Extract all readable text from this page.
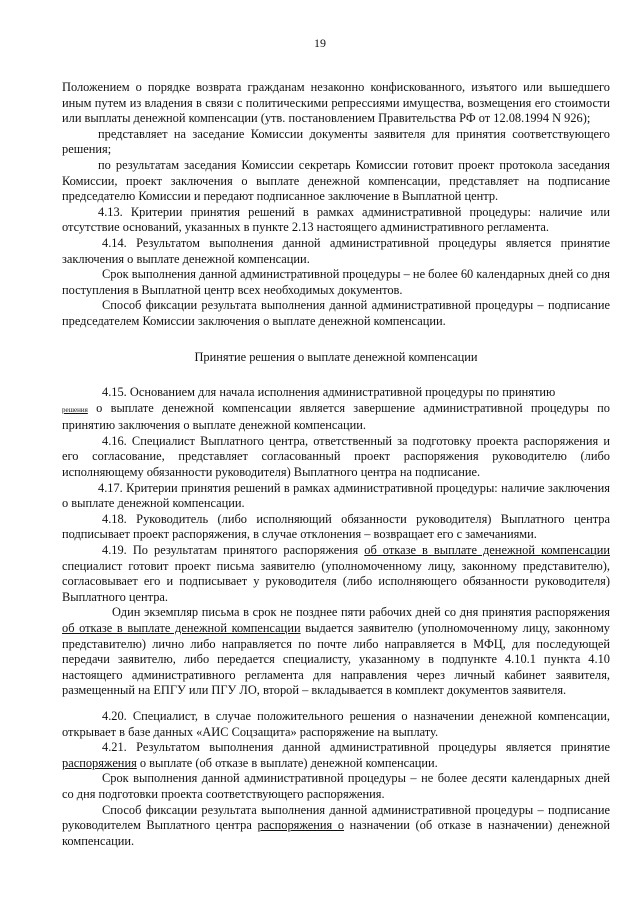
19

Положением о порядке возврата гражданам незаконно конфискованного, изъятого или вышедшего иным путем из владения в связи с политическими репрессиями имущества, возмещения его стоимости или выплаты денежной компенсации (утв. постановлением Правительства РФ от 12.08.1994 N 926);

представляет на заседание Комиссии документы заявителя для принятия соответствующего решения;

по результатам заседания Комиссии секретарь Комиссии готовит проект протокола заседания Комиссии, проект заключения о выплате денежной компенсации, представляет на подписание председателю Комиссии и передают подписанное заключение в Выплатной центр.

4.13. Критерии принятия решений в рамках административной процедуры: наличие или отсутствие оснований, указанных в пункте 2.13 настоящего административного регламента.

4.14. Результатом выполнения данной административной процедуры является принятие заключения о выплате денежной компенсации.

Срок выполнения данной административной процедуры – не более 60 календарных дней со дня поступления в Выплатной центр всех необходимых документов.

Способ фиксации результата выполнения данной административной процедуры – подписание председателем Комиссии заключения о выплате денежной компенсации.

Принятие решения о выплате денежной компенсации

4.15. Основанием для начала исполнения административной процедуры по принятию
решения о выплате денежной компенсации является завершение административной процедуры по принятию заключения о выплате денежной компенсации.

4.16. Специалист Выплатного центра, ответственный за подготовку проекта распоряжения и его согласование, представляет согласованный проект распоряжения руководителю (либо исполняющему обязанности руководителя) Выплатного центра на подписание.

4.17. Критерии принятия решений в рамках административной процедуры: наличие заключения о выплате денежной компенсации.

4.18. Руководитель (либо исполняющий обязанности руководителя) Выплатного центра подписывает проект распоряжения, в случае отклонения – возвращает его с замечаниями.

4.19. По результатам принятого распоряжения об отказе в выплате денежной компенсации специалист готовит проект письма заявителю (уполномоченному лицу, законному представителю), согласовывает его и подписывает у руководителя (либо исполняющего обязанности руководителя) Выплатного центра.

Один экземпляр письма в срок не позднее пяти рабочих дней со дня принятия распоряжения об отказе в выплате денежной компенсации выдается заявителю (уполномоченному лицу, законному представителю) лично либо направляется по почте либо направляется в МФЦ, для последующей передачи заявителю, либо передается специалисту, указанному в подпункте 4.10.1 пункта 4.10 настоящего административного регламента для направления через личный кабинет заявителя, размещенный на ЕПГУ или ПГУ ЛО, второй – вкладывается в комплект документов заявителя.

4.20. Специалист, в случае положительного решения о назначении денежной компенсации, открывает в базе данных «АИС Соцзащита» распоряжение на выплату.

4.21. Результатом выполнения данной административной процедуры является принятие распоряжения о выплате (об отказе в выплате) денежной компенсации.

Срок выполнения данной административной процедуры – не более десяти календарных дней со дня подготовки проекта соответствующего распоряжения.

Способ фиксации результата выполнения данной административной процедуры – подписание руководителем Выплатного центра распоряжения о назначении (об отказе в назначении) денежной компенсации.
